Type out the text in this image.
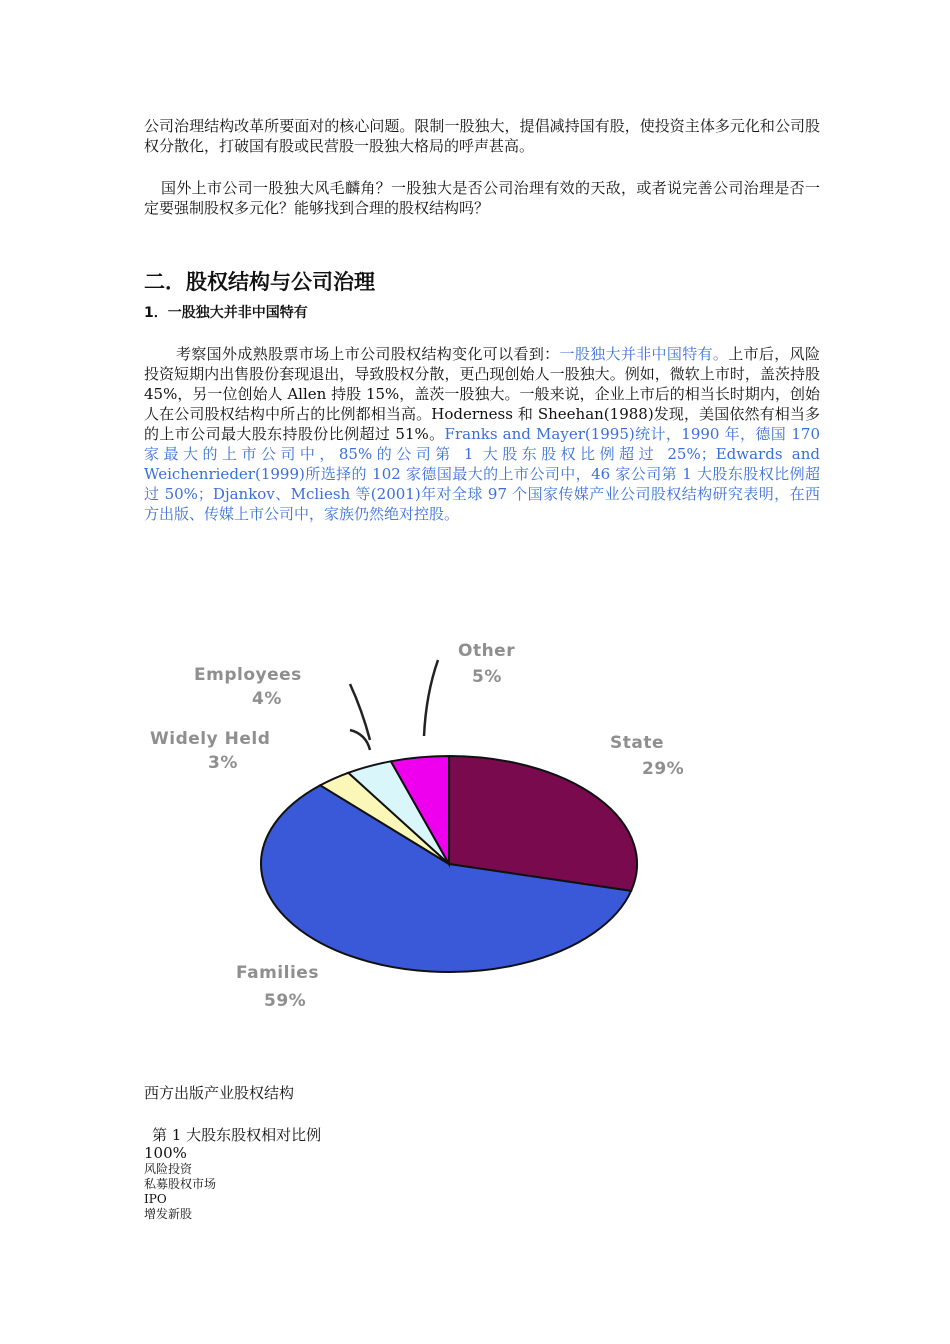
公司治理结构改革所要面对的核心问题。限制一股独大，提倡减持国有股，使投资主体多元化和公司股权分散化，打破国有股或民营股一股独大格局的呼声甚高。

国外上市公司一股独大风毛麟角？一股独大是否公司治理有效的天敌，或者说完善公司治理是否一定要强制股权多元化？能够找到合理的股权结构吗？

二．股权结构与公司治理
1．一股独大并非中国特有

考察国外成熟股票市场上市公司股权结构变化可以看到：一股独大并非中国特有。上市后，风险投资短期内出售股份套现退出，导致股权分散，更凸现创始人一股独大。例如，微软上市时，盖茨持股 45%，另一位创始人 Allen 持股 15%，盖茨一股独大。一般来说，企业上市后的相当长时期内，创始人在公司股权结构中所占的比例都相当高。Hoderness 和 Sheehan(1988)发现，美国依然有相当多的上市公司最大股东持股份比例超过 51%。Franks and Mayer(1995)统计，1990 年，德国 170 家最大的上市公司中，85%的公司第 1 大股东股权比例超过 25%；Edwards and Weichenrieder(1999)所选择的 102 家德国最大的上市公司中，46 家公司第 1 大股东股权比例超过 50%；Djankov、Mcliesh 等(2001)年对全球 97 个国家传媒产业公司股权结构研究表明，在西方出版、传媒上市公司中，家族仍然绝对控股。

State
29%
Families
59%
Widely Held
3%
Employees
4%
Other
5%

西方出版产业股权结构

第 1 大股东股权相对比例

100%

风险投资

私募股权市场

IPO

增发新股
